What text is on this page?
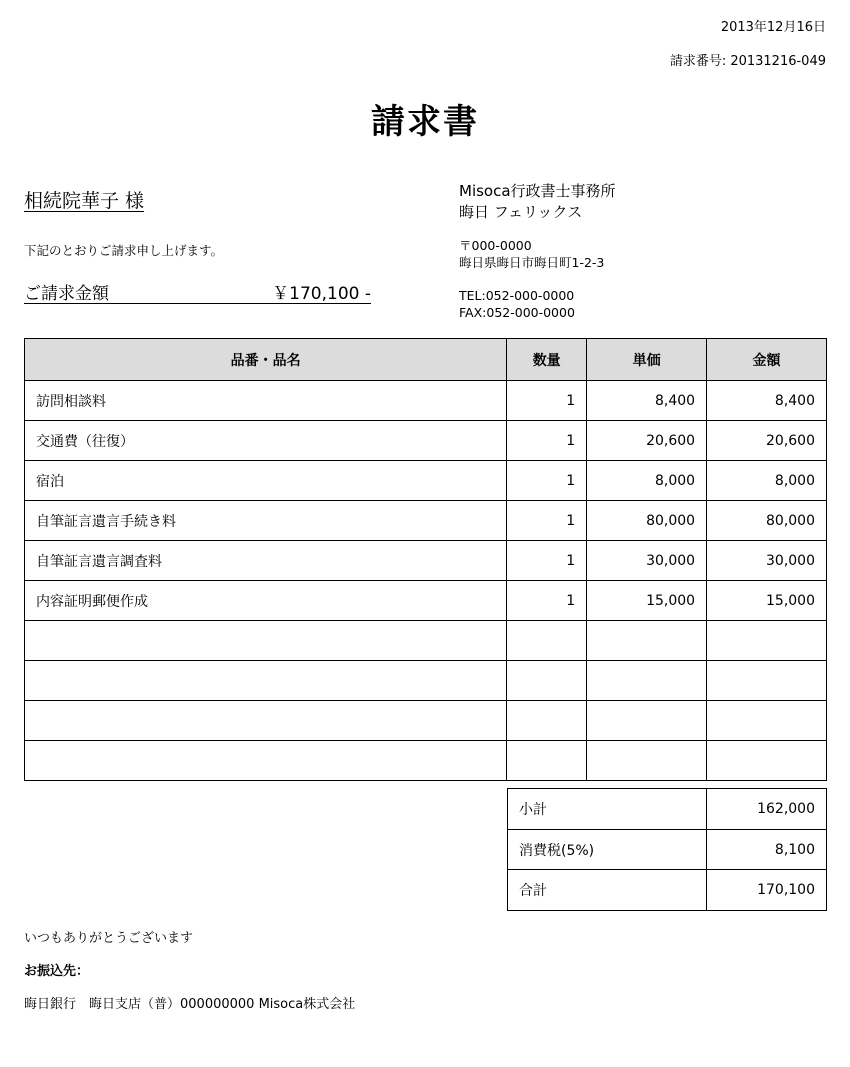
2013年12月16日
請求番号: 20131216-049
請求書
相続院華子 様
下記のとおりご請求申し上げます。
ご請求金額	￥170,100 -
Misoca行政書士事務所
晦日 フェリックス
〒000-0000
晦日県晦日市晦日町1-2-3
TEL:052-000-0000
FAX:052-000-0000
品番・品名	数量	単価	金額
訪問相談料	1	8,400	8,400
交通費（往復）	1	20,600	20,600
宿泊	1	8,000	8,000
自筆証言遺言手続き料	1	80,000	80,000
自筆証言遺言調査料	1	30,000	30,000
内容証明郵便作成	1	15,000	15,000

小計	162,000
消費税(5%)	8,100
合計	170,100
いつもありがとうございます
お振込先：
晦日銀行　晦日支店（普）000000000 Misoca株式会社
